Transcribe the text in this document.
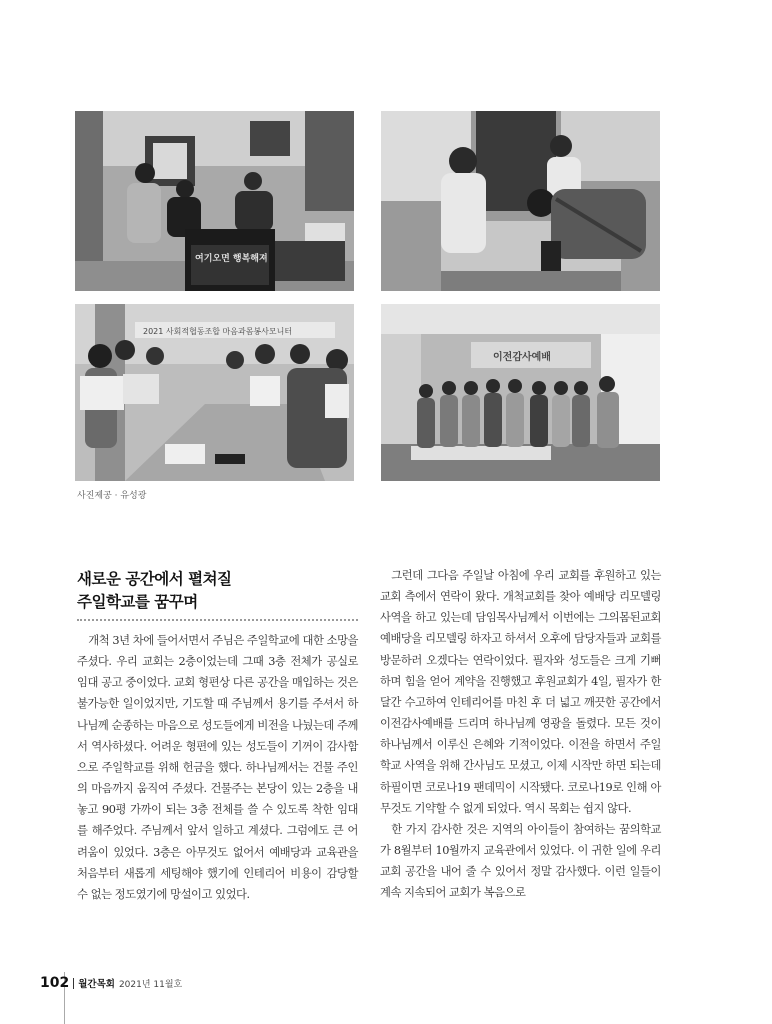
여기오면 행복해져
2021 사회적협동조합 마음과몸봉사모니터
이전감사예배
사진제공 · 유성광
새로운 공간에서 펼쳐질
주일학교를 꿈꾸며

개척 3년 차에 들어서면서 주님은 주일학교에 대한 소망을 주셨다. 우리 교회는 2층이었는데 그때 3층 전체가 공실로 임대 공고 중이었다. 교회 형편상 다른 공간을 매입하는 것은 불가능한 일이었지만, 기도할 때 주님께서 용기를 주셔서 하나님께 순종하는 마음으로 성도들에게 비전을 나눴는데 주께서 역사하셨다. 어려운 형편에 있는 성도들이 기꺼이 감사함으로 주일학교를 위해 헌금을 했다. 하나님께서는 건물 주인의 마음까지 움직여 주셨다. 건물주는 본당이 있는 2층을 내놓고 90평 가까이 되는 3층 전체를 쓸 수 있도록 착한 임대를 해주었다. 주님께서 앞서 일하고 계셨다. 그럼에도 큰 어려움이 있었다. 3층은 아무것도 없어서 예배당과 교육관을 처음부터 새롭게 세팅해야 했기에 인테리어 비용이 감당할 수 없는 정도였기에 망설이고 있었다.

그런데 그다음 주일날 아침에 우리 교회를 후원하고 있는 교회 측에서 연락이 왔다. 개척교회를 찾아 예배당 리모델링 사역을 하고 있는데 담임목사님께서 이번에는 그의몸된교회 예배당을 리모델링 하자고 하셔서 오후에 담당자들과 교회를 방문하러 오겠다는 연락이었다. 필자와 성도들은 크게 기뻐하며 힘을 얻어 계약을 진행했고 후원교회가 4일, 필자가 한 달간 수고하여 인테리어를 마친 후 더 넓고 깨끗한 공간에서 이전감사예배를 드리며 하나님께 영광을 돌렸다. 모든 것이 하나님께서 이루신 은혜와 기적이었다. 이전을 하면서 주일학교 사역을 위해 간사님도 모셨고, 이제 시작만 하면 되는데 하필이면 코로나19 팬데믹이 시작됐다. 코로나19로 인해 아무것도 기약할 수 없게 되었다. 역시 목회는 쉽지 않다.

한 가지 감사한 것은 지역의 아이들이 참여하는 꿈의학교가 8월부터 10월까지 교육관에서 있었다. 이 귀한 일에 우리 교회 공간을 내어 줄 수 있어서 정말 감사했다. 이런 일들이 계속 지속되어 교회가 복음으로

102 월간목회 2021년 11월호
